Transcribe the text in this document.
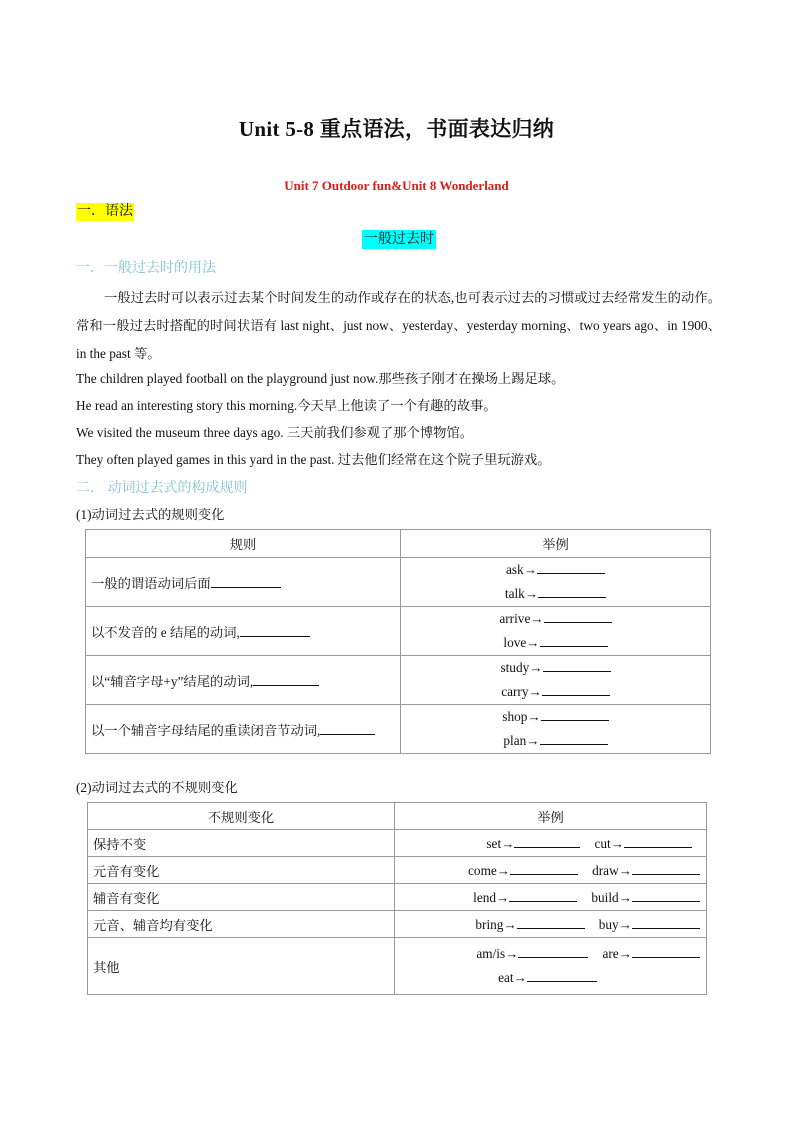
Unit 5-8 重点语法，书面表达归纳
Unit 7 Outdoor fun&Unit 8 Wonderland
一．语法
一般过去时
一．一般过去时的用法
一般过去时可以表示过去某个时间发生的动作或存在的状态,也可表示过去的习惯或过去经常发生的动作。常和一般过去时搭配的时间状语有 last night、just now、yesterday、yesterday morning、two years ago、in 1900、in the past 等。
The children played football on the playground just now.那些孩子刚才在操场上踢足球。
He read an interesting story this morning.今天早上他读了一个有趣的故事。
We visited the museum three days ago. 三天前我们参观了那个博物馆。
They often played games in this yard in the past. 过去他们经常在这个院子里玩游戏。
二． 动词过去式的构成规则
(1)动词过去式的规则变化
规则	举例
一般的谓语动词后面	ask→
talk→

以不发音的 e 结尾的动词,	arrive→
love→

以“辅音字母+y”结尾的动词,	study→
carry→

以一个辅音字母结尾的重读闭音节动词,	shop→
plan→
(2)动词过去式的不规则变化
不规则变化	举例
保持不变	set→ cut→
元音有变化	come→ draw→
辅音有变化	lend→ build→
元音、辅音均有变化	bring→ buy→
其他	am/is→ are→
eat→
